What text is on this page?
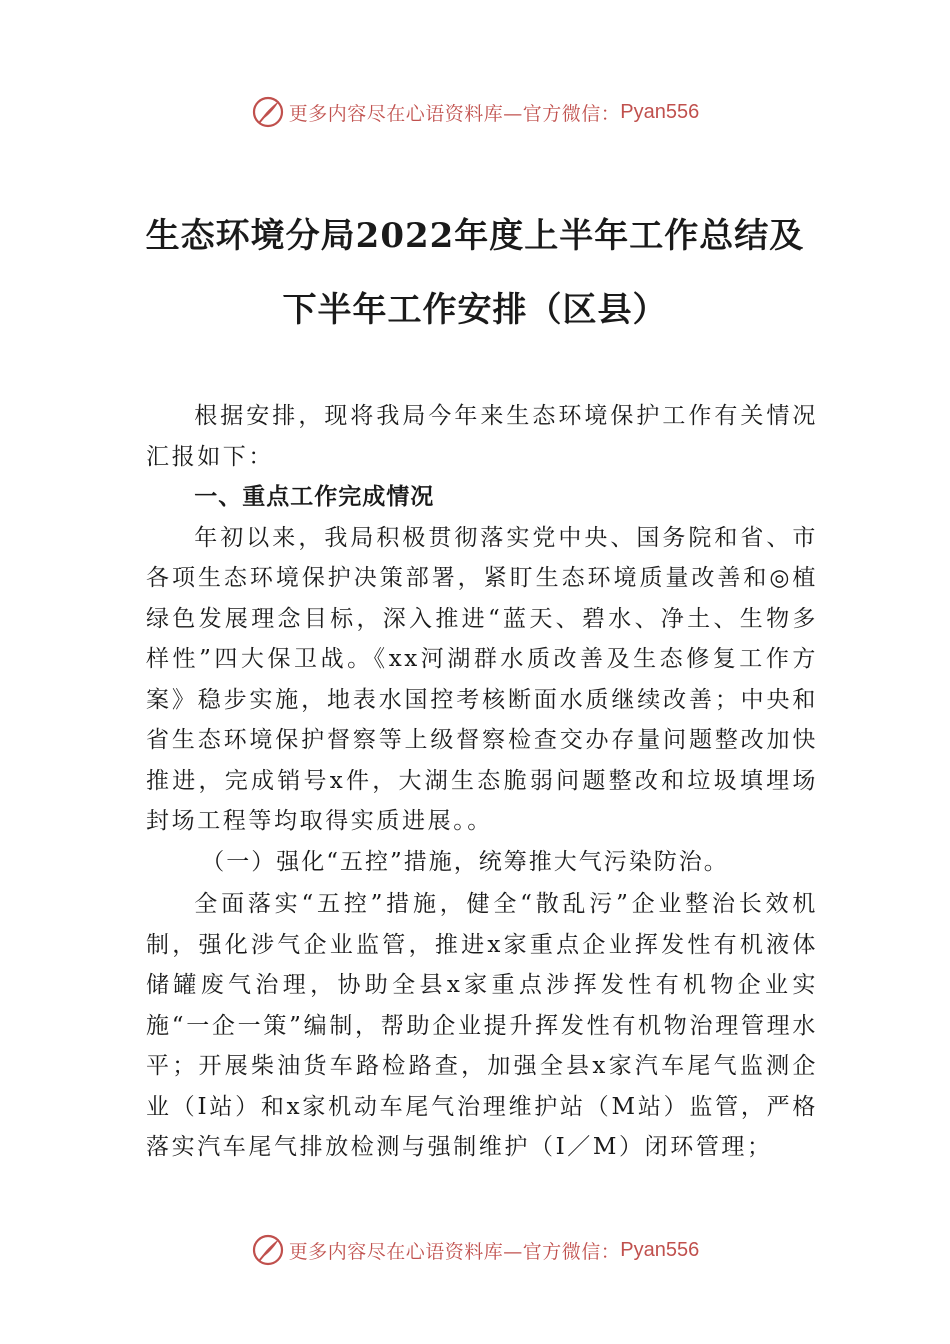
更多内容尽在心语资料库—官方微信： Pyan556
生态环境分局2022年度上半年工作总结及
下半年工作安排（区县）

根据安排，现将我局今年来生态环境保护工作有关情况汇报如下：

一、重点工作完成情况

年初以来，我局积极贯彻落实党中央、国务院和省、市各项生态环境保护决策部署，紧盯生态环境质量改善和◎植绿色发展理念目标，深入推进“蓝天、碧水、净土、生物多样性”四大保卫战。《xx河湖群水质改善及生态修复工作方案》稳步实施，地表水国控考核断面水质继续改善；中央和省生态环境保护督察等上级督察检查交办存量问题整改加快推进，完成销号x件，大湖生态脆弱问题整改和垃圾填埋场封场工程等均取得实质进展。。

（一）强化“五控”措施，统筹推大气污染防治。

全面落实“五控”措施，健全“散乱污”企业整治长效机制，强化涉气企业监管，推进x家重点企业挥发性有机液体储罐废气治理，协助全县x家重点涉挥发性有机物企业实施“一企一策”编制，帮助企业提升挥发性有机物治理管理水平；开展柴油货车路检路查，加强全县x家汽车尾气监测企业（I站）和x家机动车尾气治理维护站（M站）监管，严格落实汽车尾气排放检测与强制维护（I／M）闭环管理；

更多内容尽在心语资料库—官方微信： Pyan556
